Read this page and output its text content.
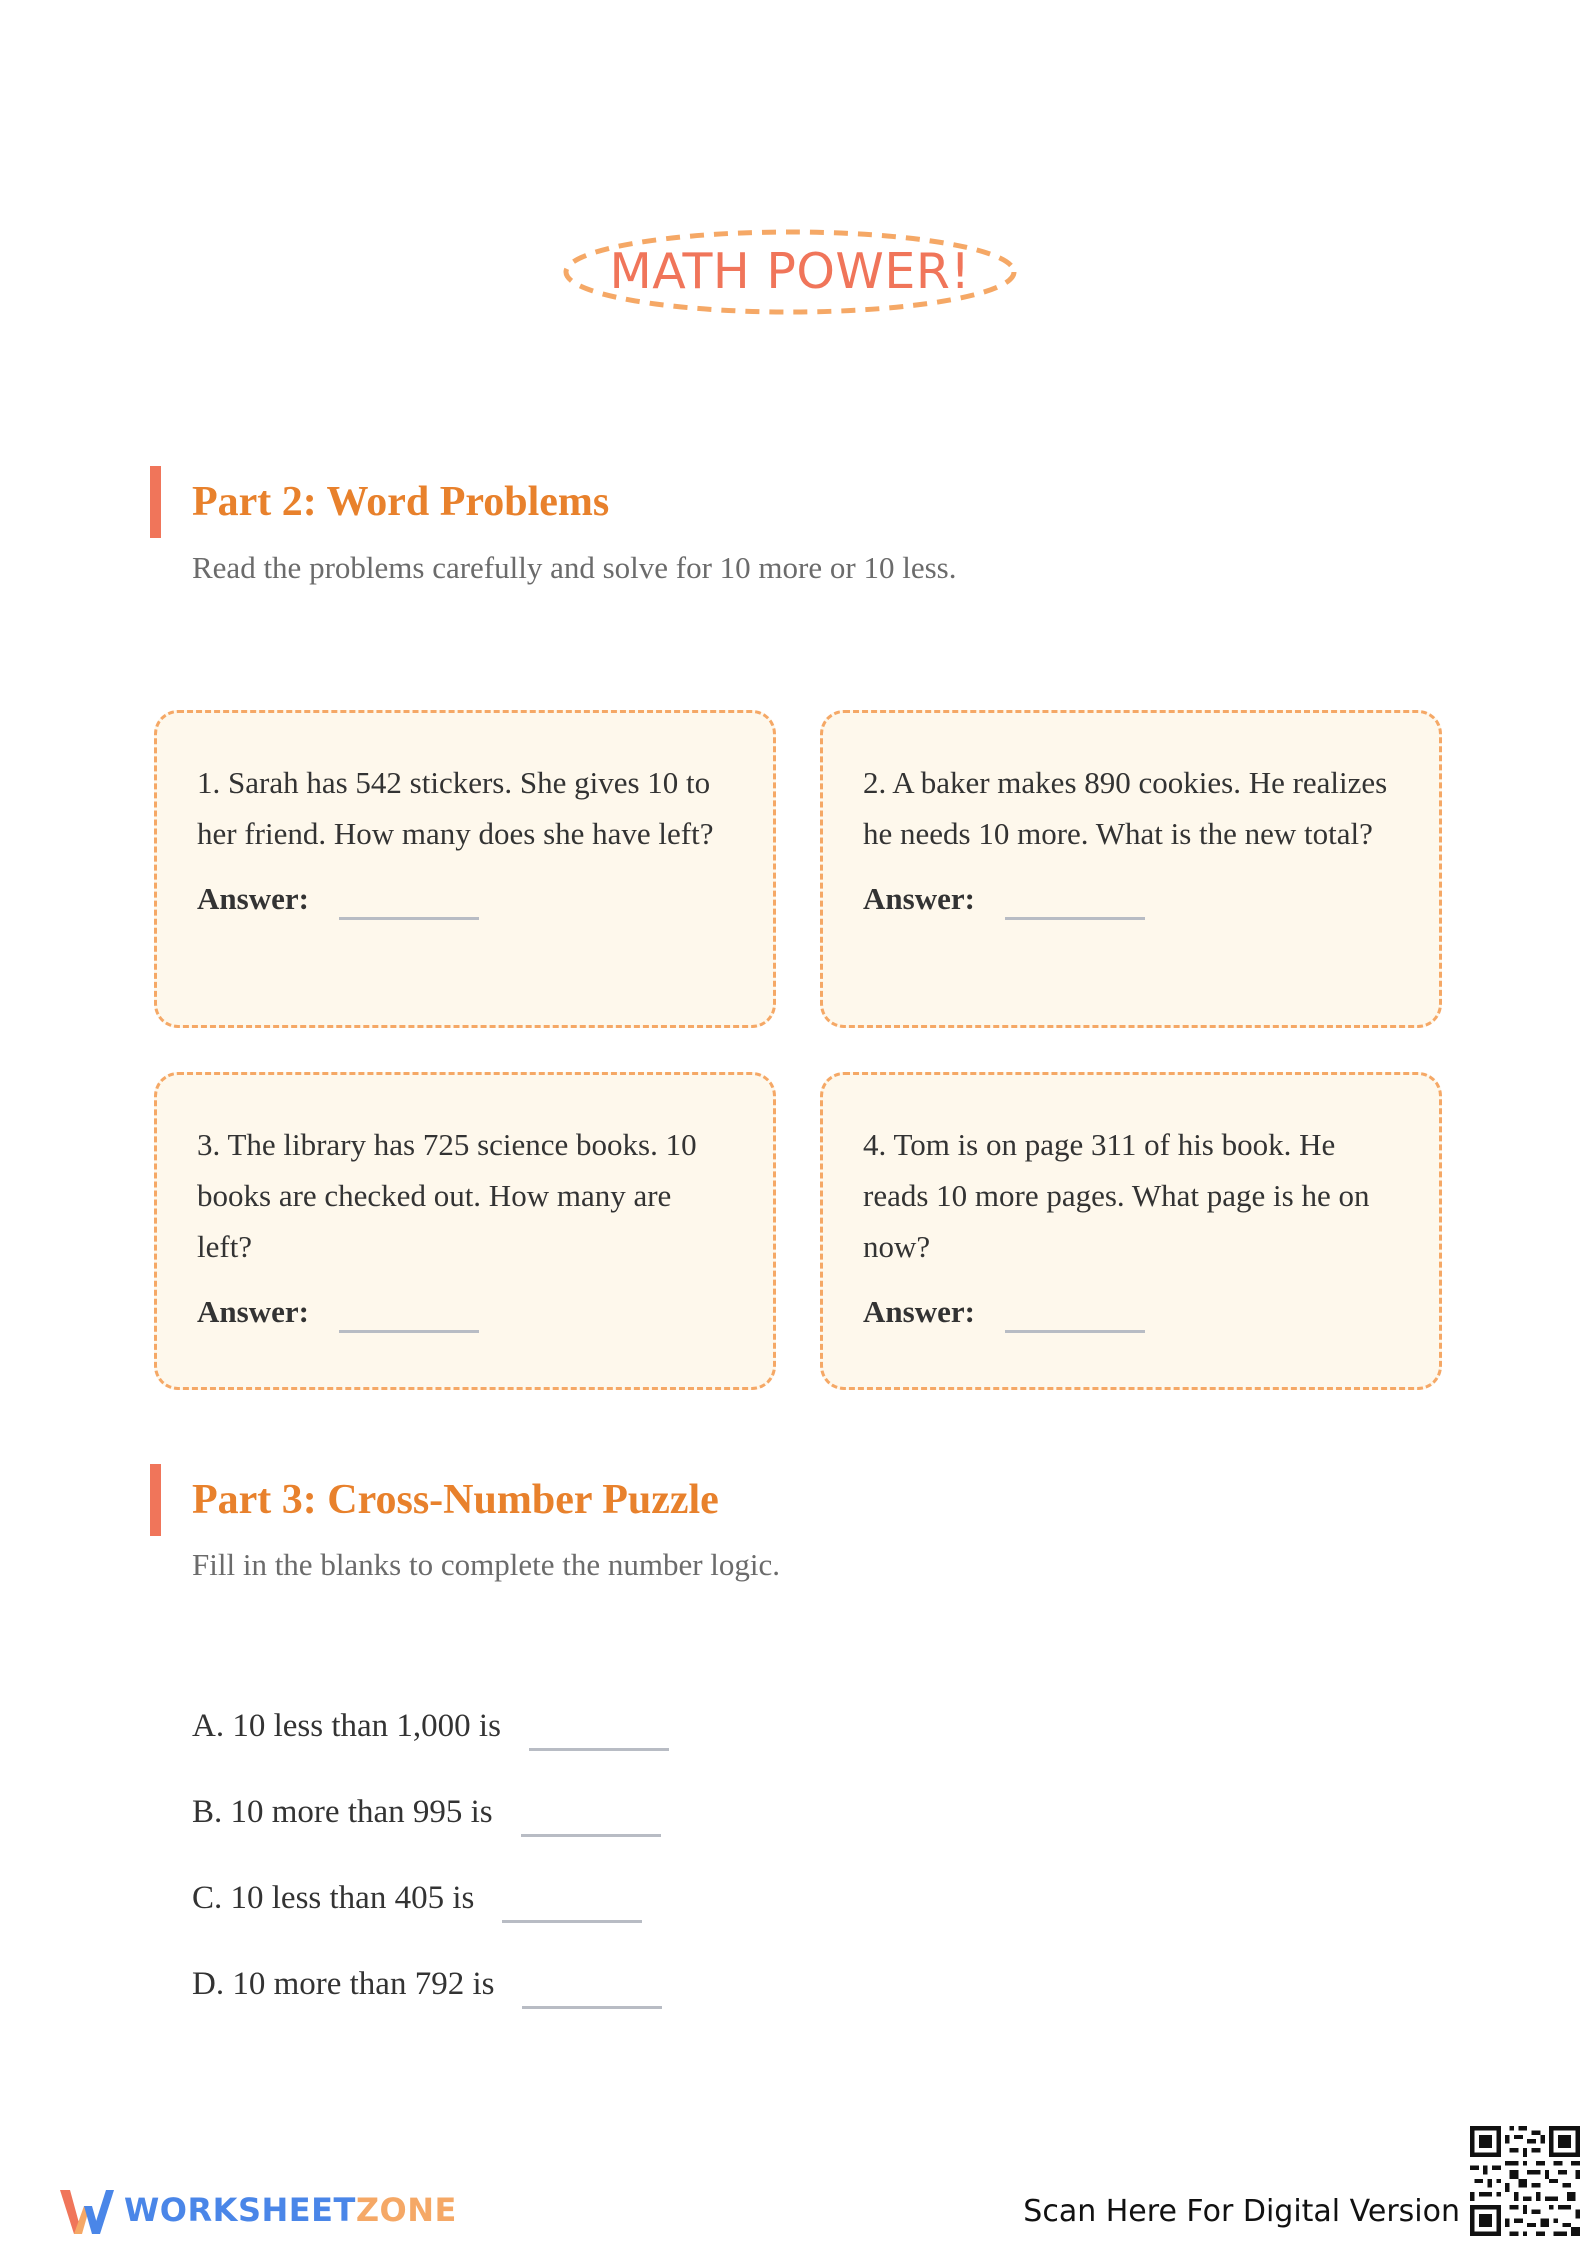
MATH POWER!
Part 2: Word Problems
Read the problems carefully and solve for 10 more or 10 less.

1. Sarah has 542 stickers. She gives 10 to her friend. How many does she have left?

Answer:

2. A baker makes 890 cookies. He realizes he needs 10 more. What is the new total?

Answer:

3. The library has 725 science books. 10 books are checked out. How many are left?

Answer:

4. Tom is on page 311 of his book. He reads 10 more pages. What page is he on now?

Answer:
Part 3: Cross-Number Puzzle
Fill in the blanks to complete the number logic.
A. 10 less than 1,000 is
B. 10 more than 995 is
C. 10 less than 405 is
D. 10 more than 792 is
WORKSHEETZONE	Scan Here For Digital Version
